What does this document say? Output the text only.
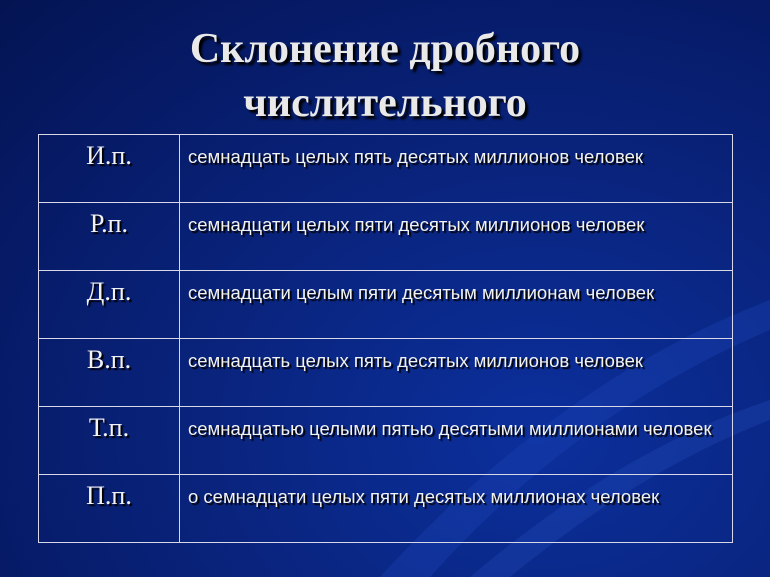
Склонение дробного
числительного
И.п.	семнадцать целых пять десятых миллионов человек
Р.п.	семнадцати целых пяти десятых миллионов человек
Д.п.	семнадцати целым пяти десятым миллионам человек
В.п.	семнадцать целых пять десятых миллионов человек
Т.п.	семнадцатью целыми пятью десятыми миллионами человек
П.п.	о семнадцати целых пяти десятых миллионах человек
